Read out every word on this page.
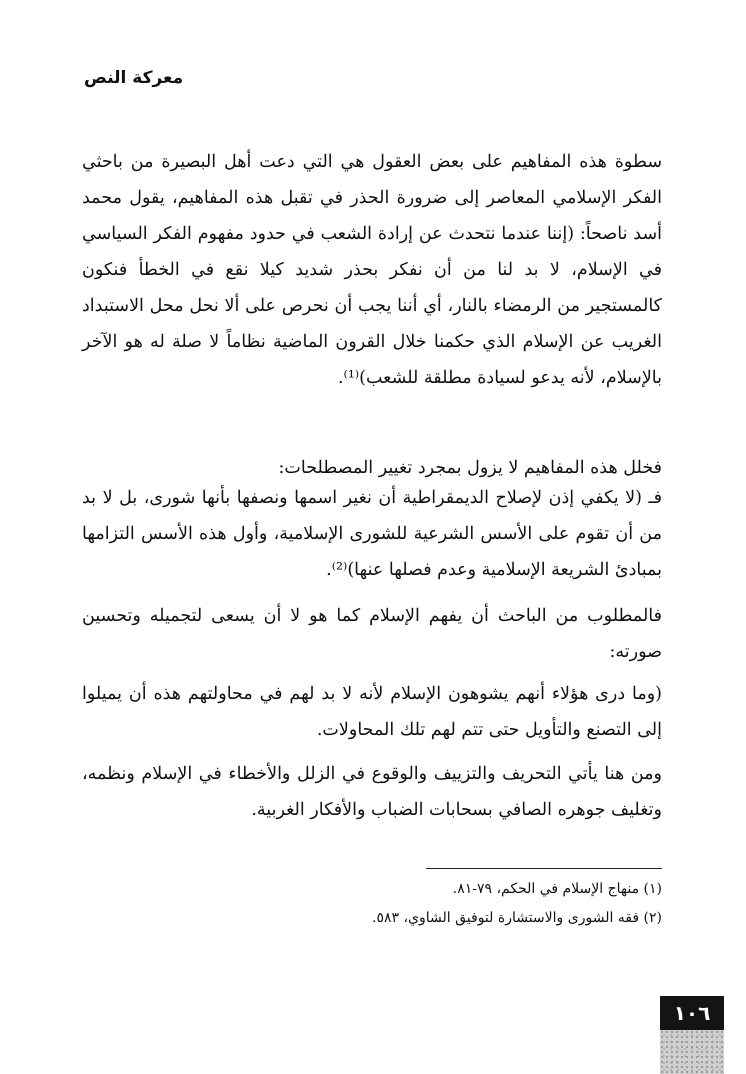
معركة النص

سطوة هذه المفاهيم على بعض العقول هي التي دعت أهل البصيرة من باحثي الفكر الإسلامي المعاصر إلى ضرورة الحذر في تقبل هذه المفاهيم، يقول محمد أسد ناصحاً: (إننا عندما نتحدث عن إرادة الشعب في حدود مفهوم الفكر السياسي في الإسلام، لا بد لنا من أن نفكر بحذر شديد كيلا نقع في الخطأ فنكون كالمستجير من الرمضاء بالنار، أي أننا يجب أن نحرص على ألا نحل محل الاستبداد الغريب عن الإسلام الذي حكمنا خلال القرون الماضية نظاماً لا صلة له هو الآخر بالإسلام، لأنه يدعو لسيادة مطلقة للشعب)⁽¹⁾.

فخلل هذه المفاهيم لا يزول بمجرد تغيير المصطلحات:

فـ (لا يكفي إذن لإصلاح الديمقراطية أن نغير اسمها ونصفها بأنها شورى، بل لا بد من أن تقوم على الأسس الشرعية للشورى الإسلامية، وأول هذه الأسس التزامها بمبادئ الشريعة الإسلامية وعدم فصلها عنها)⁽²⁾.

فالمطلوب من الباحث أن يفهم الإسلام كما هو لا أن يسعى لتجميله وتحسين صورته:

(وما درى هؤلاء أنهم يشوهون الإسلام لأنه لا بد لهم في محاولتهم هذه أن يميلوا إلى التصنع والتأويل حتى تتم لهم تلك المحاولات.

ومن هنا يأتي التحريف والتزييف والوقوع في الزلل والأخطاء في الإسلام ونظمه، وتغليف جوهره الصافي بسحابات الضباب والأفكار الغربية.

(١) منهاج الإسلام في الحكم، ٧٩-٨١.
(٢) فقه الشورى والاستشارة لتوفيق الشاوي، ٥٨٣.
١٠٦
